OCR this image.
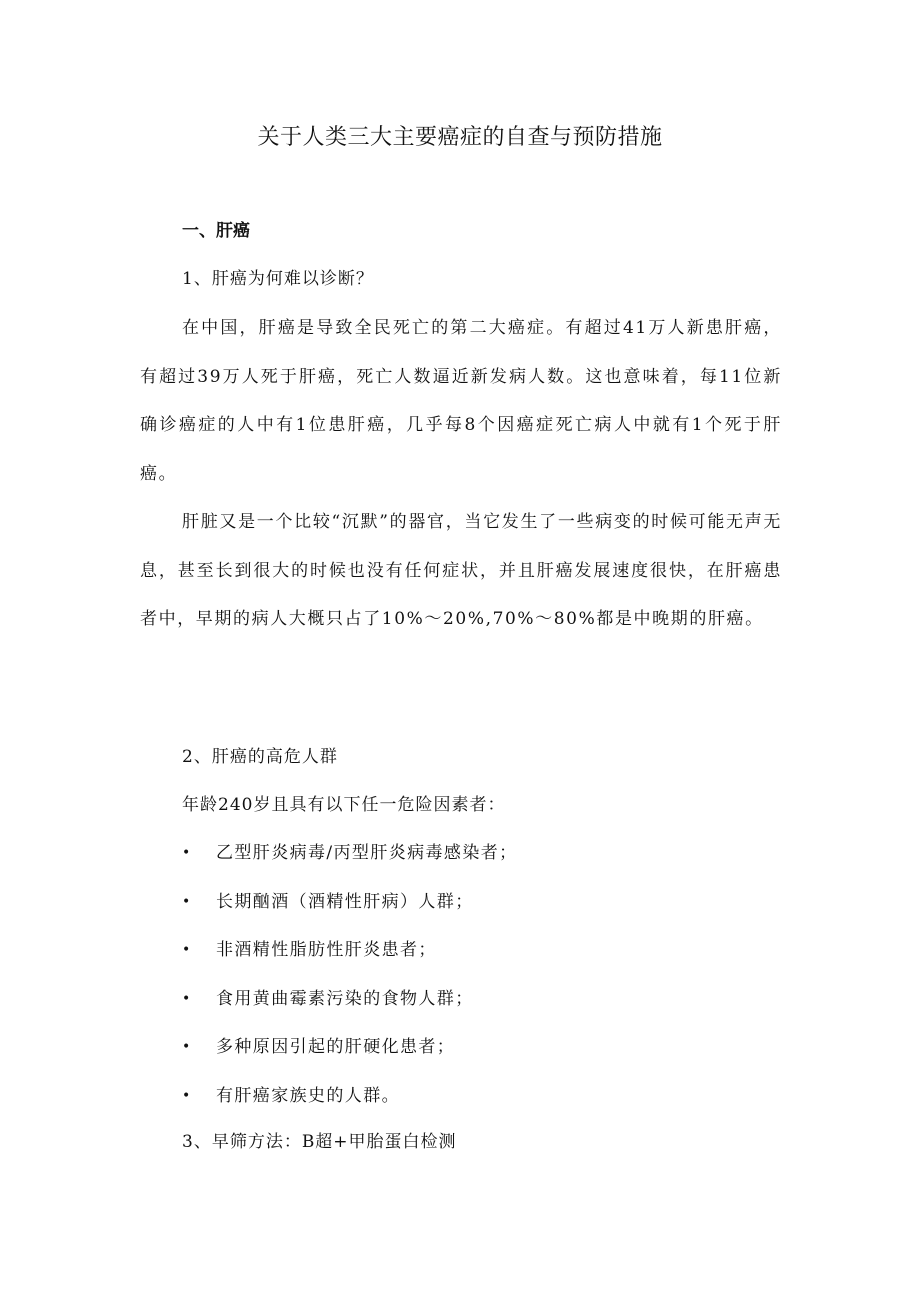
关于人类三大主要癌症的自查与预防措施
一、肝癌
1、肝癌为何难以诊断？

在中国，肝癌是导致全民死亡的第二大癌症。有超过41万人新患肝癌，有超过39万人死于肝癌，死亡人数逼近新发病人数。这也意味着，每11位新确诊癌症的人中有1位患肝癌，几乎每8个因癌症死亡病人中就有1个死于肝癌。

肝脏又是一个比较“沉默”的器官，当它发生了一些病变的时候可能无声无息，甚至长到很大的时候也没有任何症状，并且肝癌发展速度很快，在肝癌患者中，早期的病人大概只占了10%～20%,70%～80%都是中晚期的肝癌。

2、肝癌的高危人群
年龄240岁且具有以下任一危险因素者：
• 乙型肝炎病毒/丙型肝炎病毒感染者；
• 长期酗酒（酒精性肝病）人群；
• 非酒精性脂肪性肝炎患者；
• 食用黄曲霉素污染的食物人群；
• 多种原因引起的肝硬化患者；
• 有肝癌家族史的人群。
3、早筛方法：B超+甲胎蛋白检测
